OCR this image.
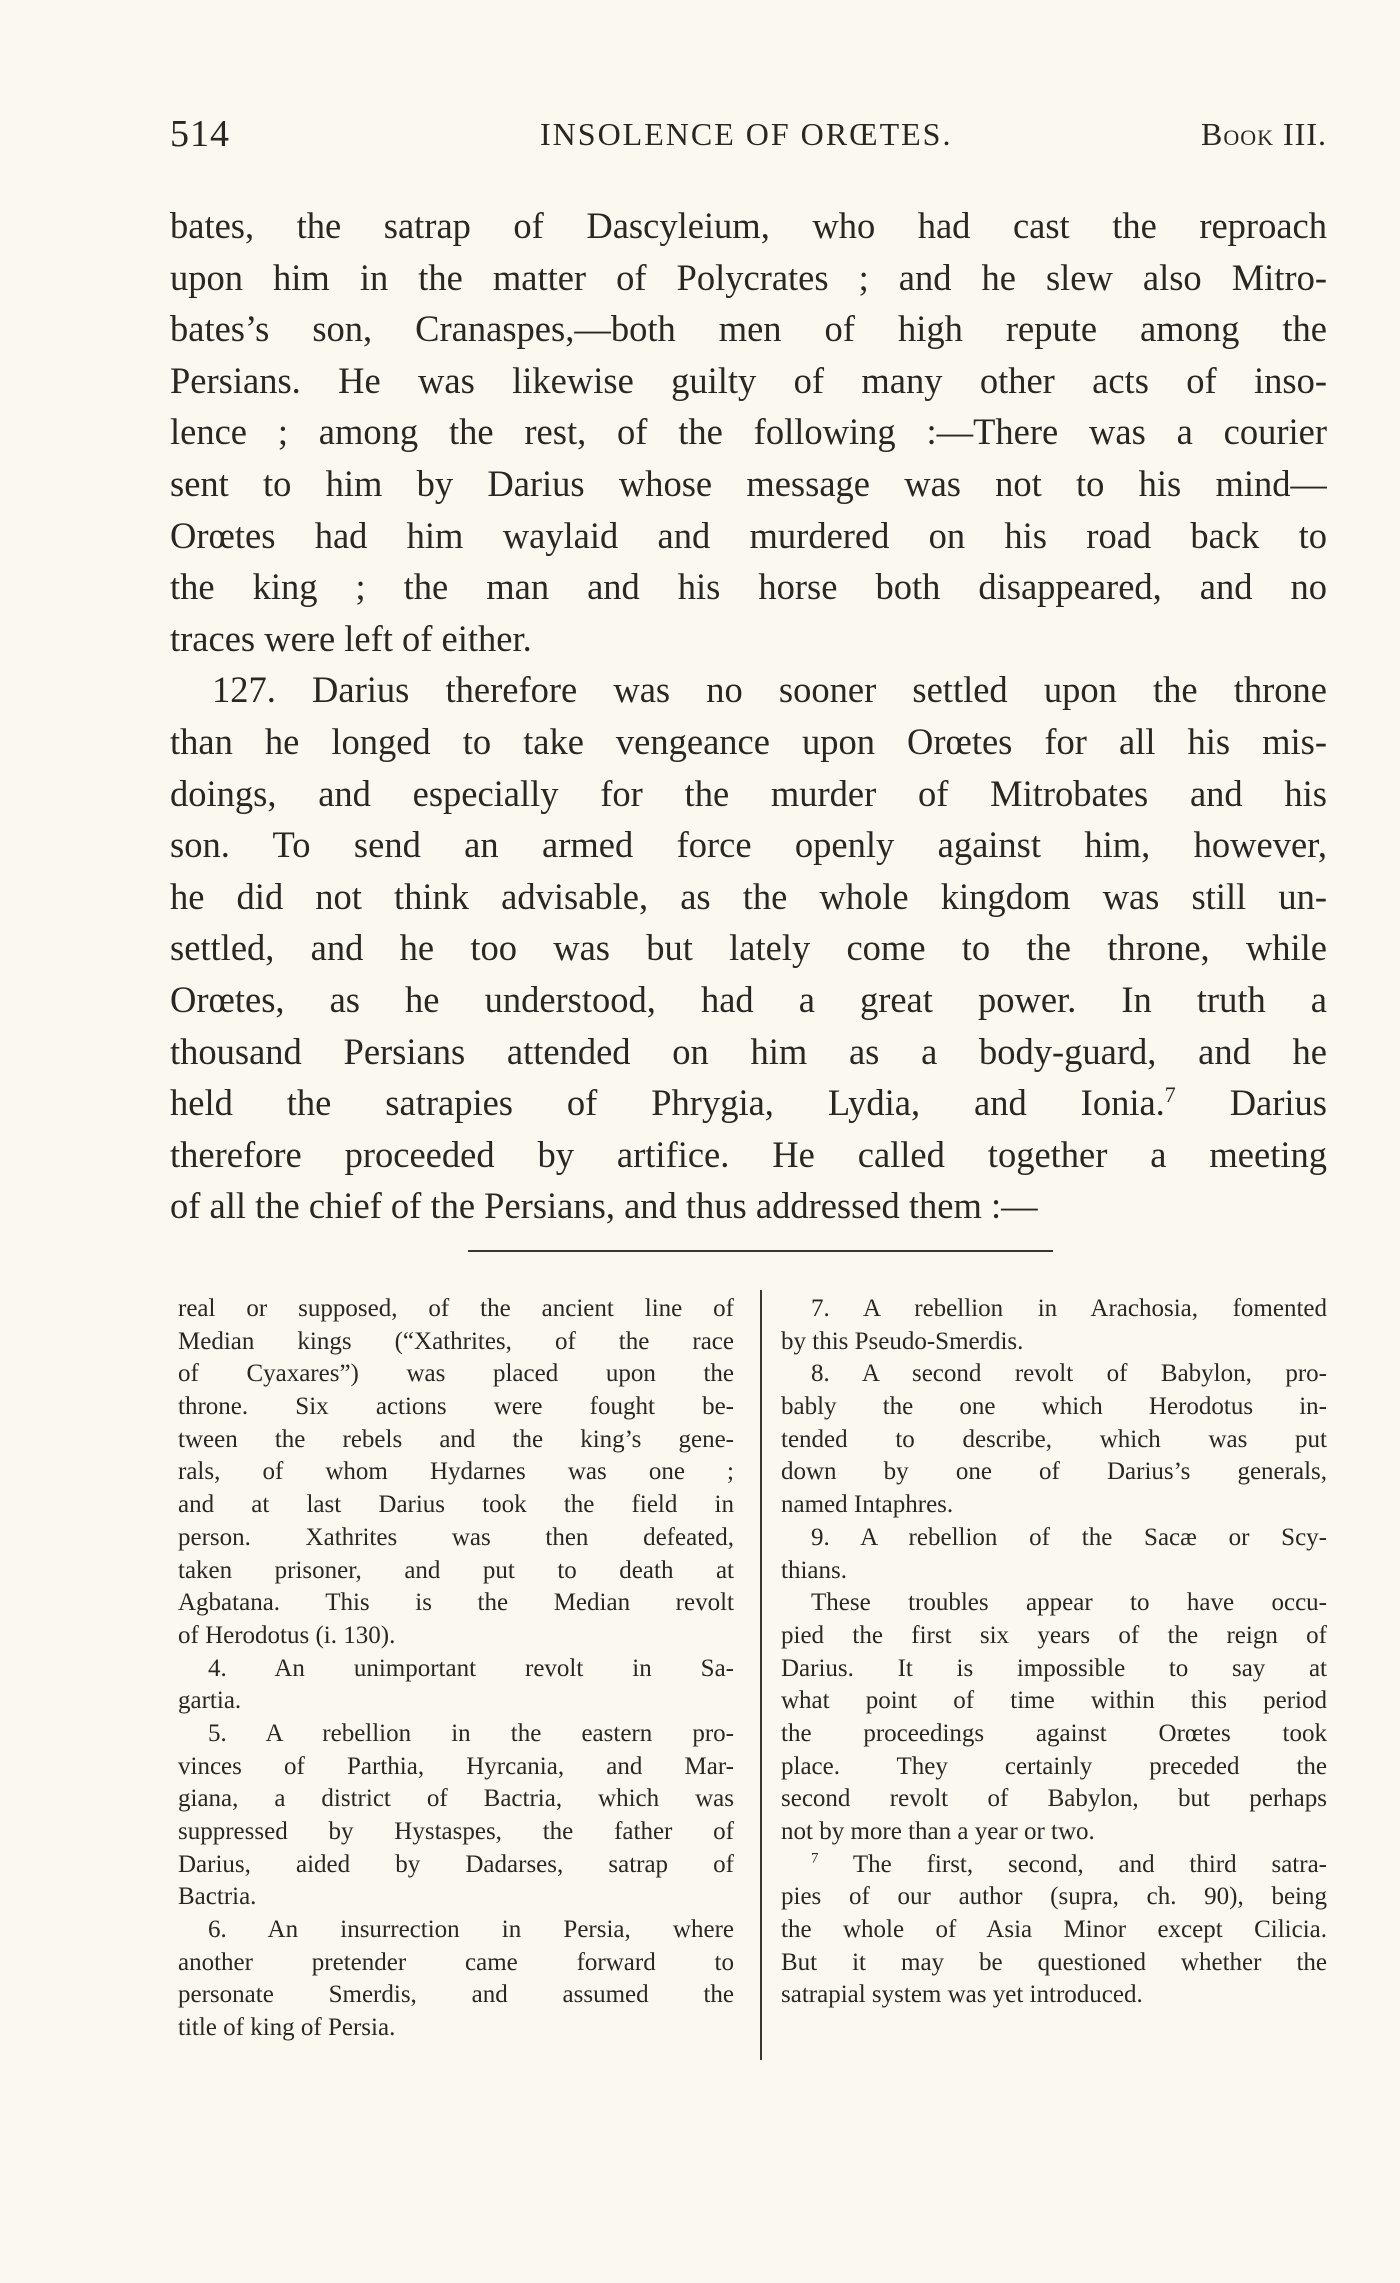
514	INSOLENCE OF ORŒTES.	Book III.
bates, the satrap of Dascyleium, who had cast the reproach
upon him in the matter of Polycrates ; and he slew also Mitro-
bates’s son, Cranaspes,—both men of high repute among the
Persians. He was likewise guilty of many other acts of inso-
lence ; among the rest, of the following :—There was a courier
sent to him by Darius whose message was not to his mind—
Orœtes had him waylaid and murdered on his road back to
the king ; the man and his horse both disappeared, and no
traces were left of either.
127. Darius therefore was no sooner settled upon the throne
than he longed to take vengeance upon Orœtes for all his mis-
doings, and especially for the murder of Mitrobates and his
son. To send an armed force openly against him, however,
he did not think advisable, as the whole kingdom was still un-
settled, and he too was but lately come to the throne, while
Orœtes, as he understood, had a great power. In truth a
thousand Persians attended on him as a body-guard, and he
held the satrapies of Phrygia, Lydia, and Ionia.$^7$ Darius
therefore proceeded by artifice. He called together a meeting
of all the chief of the Persians, and thus addressed them :—
real or supposed, of the ancient line of
Median kings (“Xathrites, of the race
of Cyaxares”) was placed upon the
throne. Six actions were fought be-
tween the rebels and the king’s gene-
rals, of whom Hydarnes was one ;
and at last Darius took the field in
person. Xathrites was then defeated,
taken prisoner, and put to death at
Agbatana. This is the Median revolt
of Herodotus (i. 130).
4. An unimportant revolt in Sa-
gartia.
5. A rebellion in the eastern pro-
vinces of Parthia, Hyrcania, and Mar-
giana, a district of Bactria, which was
suppressed by Hystaspes, the father of
Darius, aided by Dadarses, satrap of
Bactria.
6. An insurrection in Persia, where
another pretender came forward to
personate Smerdis, and assumed the
title of king of Persia.
7. A rebellion in Arachosia, fomented
by this Pseudo-Smerdis.
8. A second revolt of Babylon, pro-
bably the one which Herodotus in-
tended to describe, which was put
down by one of Darius’s generals,
named Intaphres.
9. A rebellion of the Sacæ or Scy-
thians.
These troubles appear to have occu-
pied the first six years of the reign of
Darius. It is impossible to say at
what point of time within this period
the proceedings against Orœtes took
place. They certainly preceded the
second revolt of Babylon, but perhaps
not by more than a year or two.
$^7$ The first, second, and third satra-
pies of our author (supra, ch. 90), being
the whole of Asia Minor except Cilicia.
But it may be questioned whether the
satrapial system was yet introduced.
